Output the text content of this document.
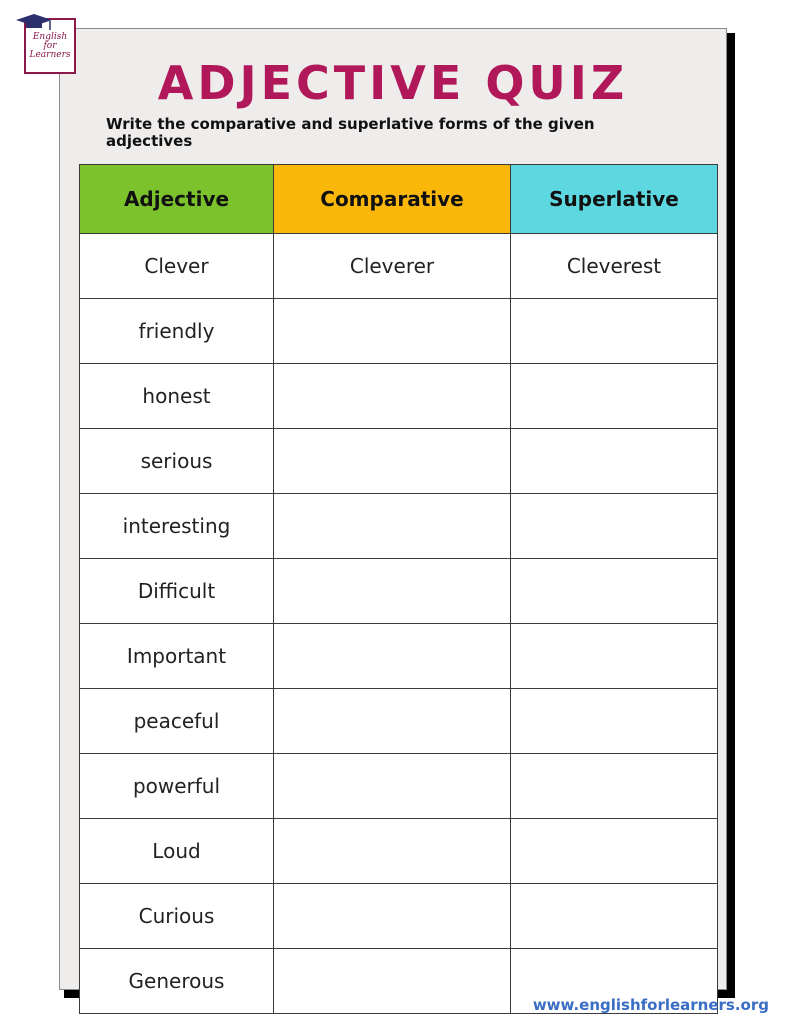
English
for
Learners
ADJECTIVE QUIZ
Write the comparative and superlative forms of the given adjectives
Adjective	Comparative	Superlative
Clever	Cleverer	Cleverest
friendly		
honest		
serious		
interesting		
Difficult		
Important		
peaceful		
powerful		
Loud		
Curious		
Generous		
www.englishforlearners.org
